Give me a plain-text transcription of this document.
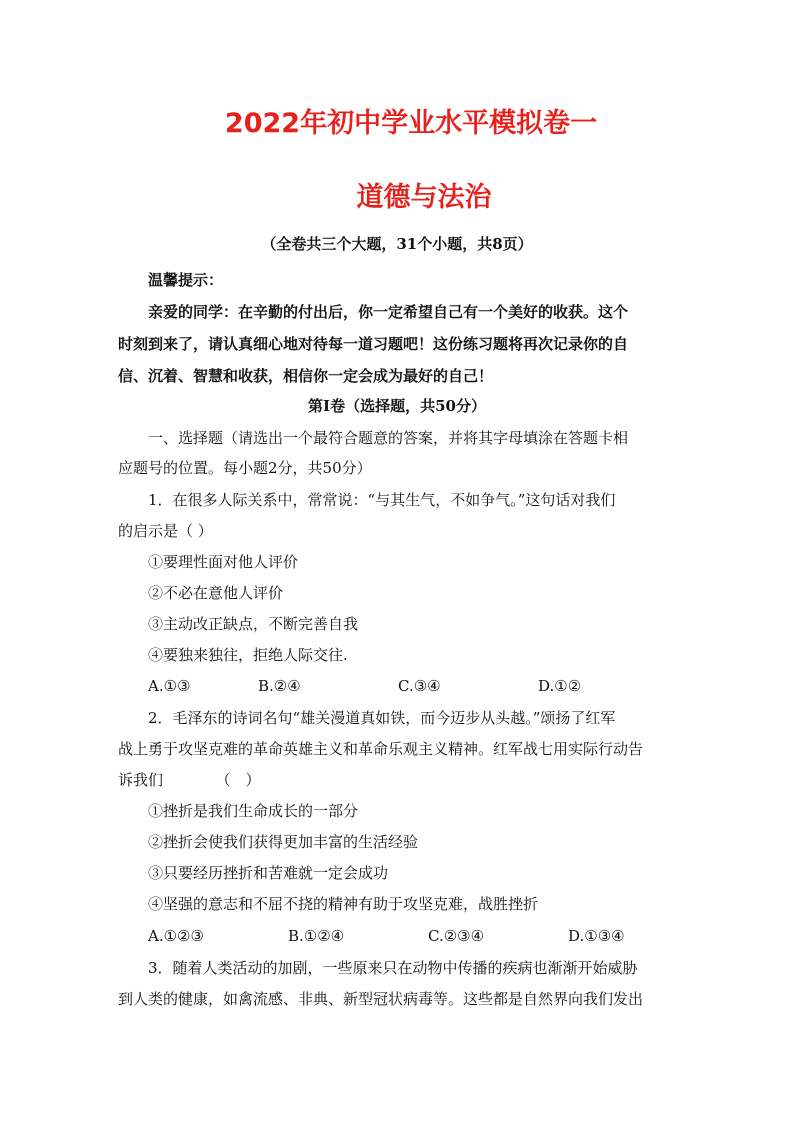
2022年初中学业水平模拟卷一
道德与法治
（全卷共三个大题，31个小题，共8页）
温馨提示：
亲爱的同学：在辛勤的付出后，你一定希望自己有一个美好的收获。这个
时刻到来了，请认真细心地对待每一道习题吧！这份练习题将再次记录你的自
信、沉着、智慧和收获，相信你一定会成为最好的自己！
第Ⅰ卷（选择题，共50分）
一、选择题（请选出一个最符合题意的答案，并将其字母填涂在答题卡相
应题号的位置。每小题2分，共50分）
1．在很多人际关系中，常常说：“与其生气，不如争气。”这句话对我们
的启示是（ ）
①要理性面对他人评价
②不必在意他人评价
③主动改正缺点，不断完善自我
④要独来独往，拒绝人际交往.
A.①③	B.②④	C.③④	D.①②
2．毛泽东的诗词名句“雄关漫道真如铁，而今迈步从头越。”颂扬了红军
战上勇于攻坚克难的革命英雄主义和革命乐观主义精神。红军战七用实际行动告
诉我们　　　　（　）
①挫折是我们生命成长的一部分
②挫折会使我们获得更加丰富的生活经验
③只要经历挫折和苦难就一定会成功
④坚强的意志和不屈不挠的精神有助于攻坚克难，战胜挫折
A.①②③	B.①②④	C.②③④	D.①③④
3．随着人类活动的加剧，一些原来只在动物中传播的疾病也渐渐开始威胁
到人类的健康，如禽流感、非典、新型冠状病毒等。这些都是自然界向我们发出
